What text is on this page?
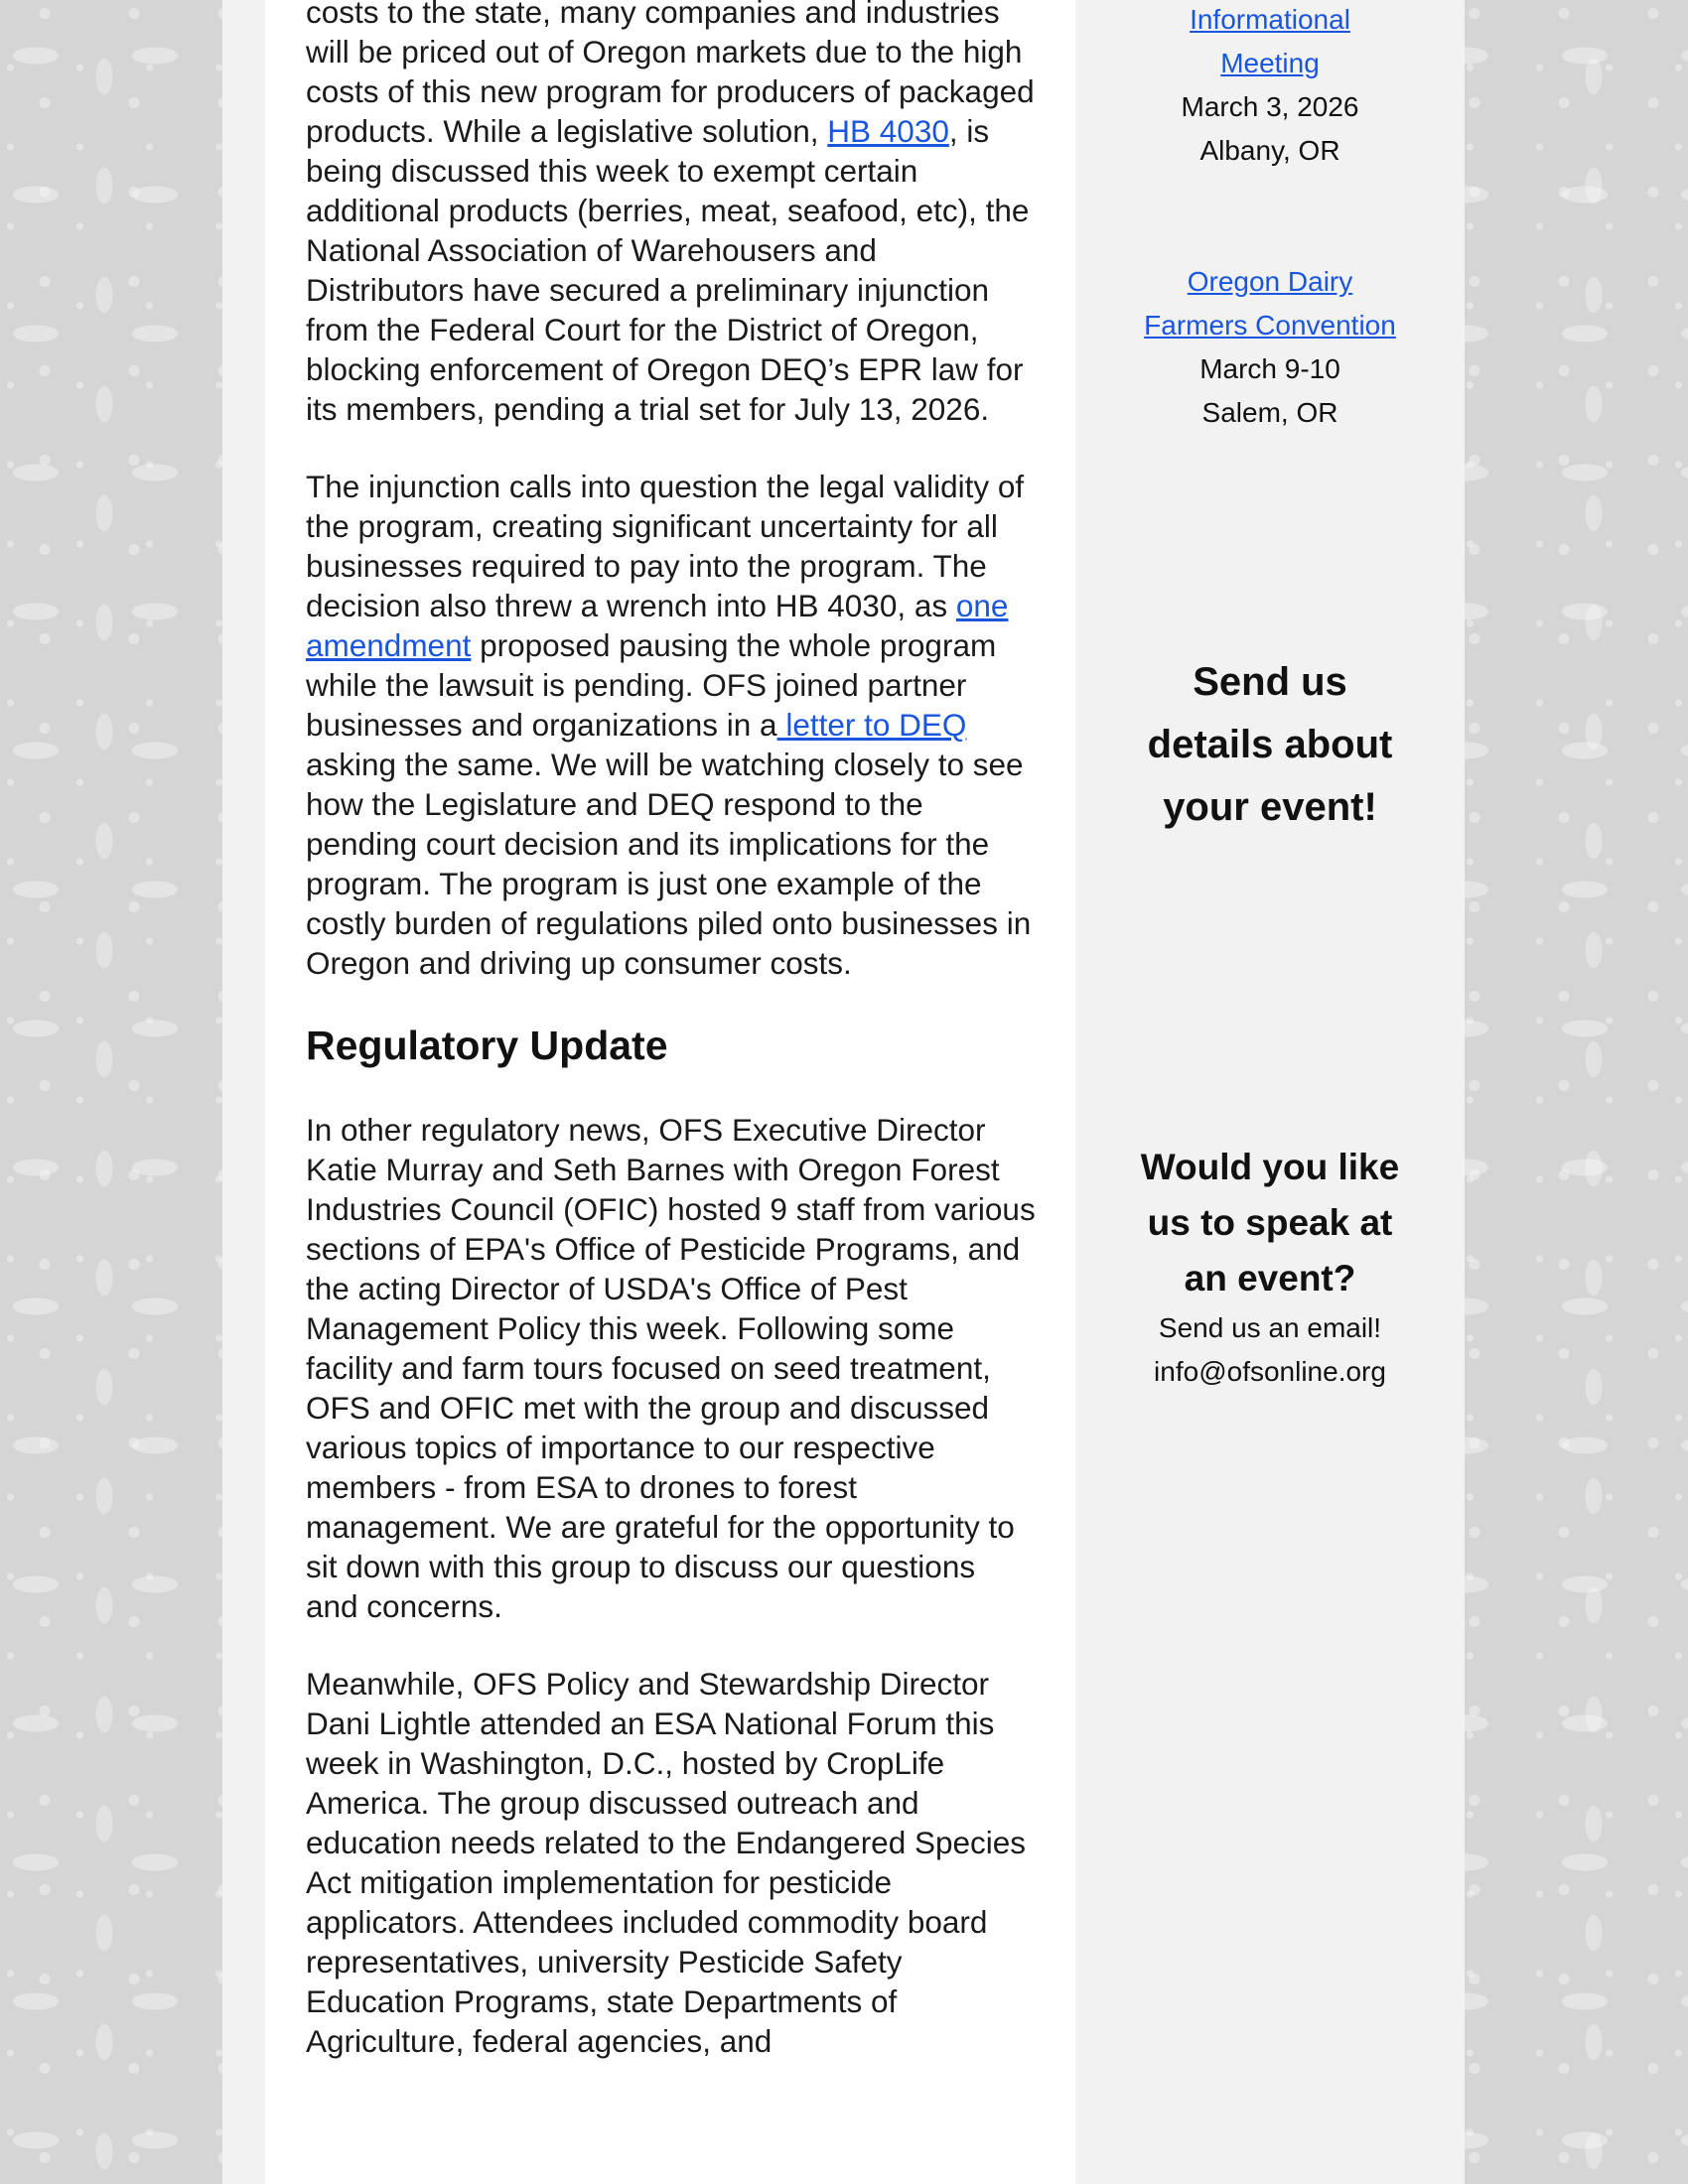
costs to the state, many companies and industries will be priced out of Oregon markets due to the high costs of this new program for producers of packaged products. While a legislative solution, HB 4030, is being discussed this week to exempt certain additional products (berries, meat, seafood, etc), the National Association of Warehousers and Distributors have secured a preliminary injunction from the Federal Court for the District of Oregon, blocking enforcement of Oregon DEQ’s EPR law for its members, pending a trial set for July 13, 2026.

The injunction calls into question the legal validity of the program, creating significant uncertainty for all businesses required to pay into the program. The decision also threw a wrench into HB 4030, as one amendment proposed pausing the whole program while the lawsuit is pending. OFS joined partner businesses and organizations in a letter to DEQ asking the same. We will be watching closely to see how the Legislature and DEQ respond to the pending court decision and its implications for the program. The program is just one example of the costly burden of regulations piled onto businesses in Oregon and driving up consumer costs.

Regulatory Update

In other regulatory news, OFS Executive Director Katie Murray and Seth Barnes with Oregon Forest Industries Council (OFIC) hosted 9 staff from various sections of EPA's Office of Pesticide Programs, and the acting Director of USDA's Office of Pest Management Policy this week. Following some facility and farm tours focused on seed treatment, OFS and OFIC met with the group and discussed various topics of importance to our respective members - from ESA to drones to forest management. We are grateful for the opportunity to sit down with this group to discuss our questions and concerns.

Meanwhile, OFS Policy and Stewardship Director Dani Lightle attended an ESA National Forum this week in Washington, D.C., hosted by CropLife America. The group discussed outreach and education needs related to the Endangered Species Act mitigation implementation for pesticide applicators. Attendees included commodity board representatives, university Pesticide Safety Education Programs, state Departments of Agriculture, federal agencies, and

Informational
Meeting
March 3, 2026
Albany, OR
Oregon Dairy
Farmers Convention
March 9-10
Salem, OR
Send us
details about
your event!
Would you like
us to speak at
an event?
Send us an email!
info@ofsonline.org
